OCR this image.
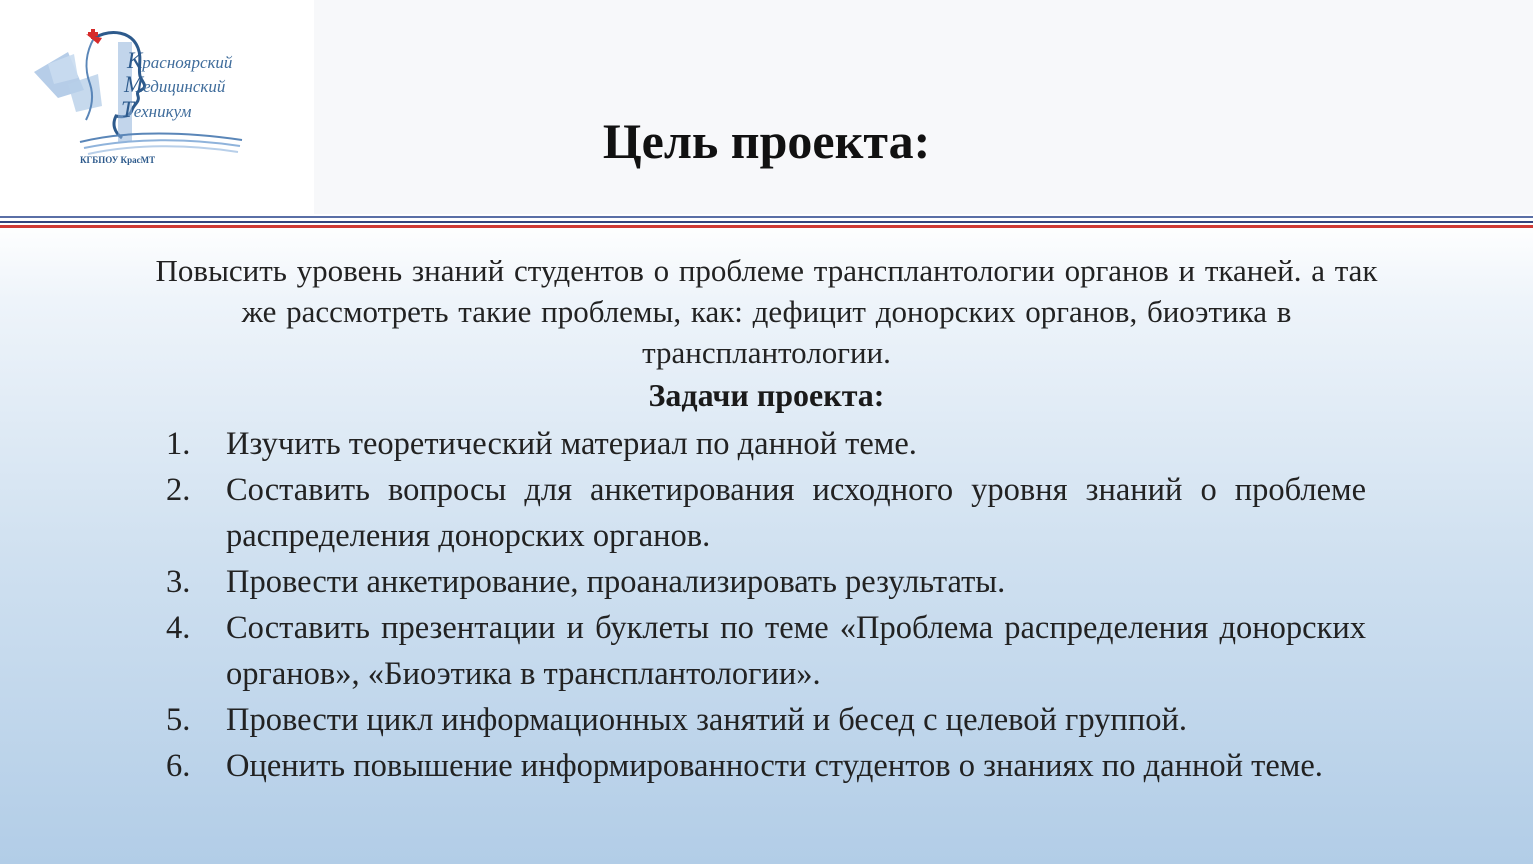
Красноярский
Медицинский
Техникум
КГБПОУ КрасМТ	Цель проекта:

Повысить уровень знаний студентов о проблеме трансплантологии органов и тканей. а так же рассмотреть такие проблемы, как: дефицит донорских органов, биоэтика в трансплантологии.

Задачи проекта:
1. Изучить теоретический материал по данной теме.
2. Составить вопросы для анкетирования исходного уровня знаний о проблеме распределения донорских органов.
3. Провести анкетирование, проанализировать результаты.
4. Составить презентации и буклеты по теме «Проблема распределения донорских органов», «Биоэтика в трансплантологии».
5. Провести цикл информационных занятий и бесед с целевой группой.
6. Оценить повышение информированности студентов о знаниях по данной теме.
